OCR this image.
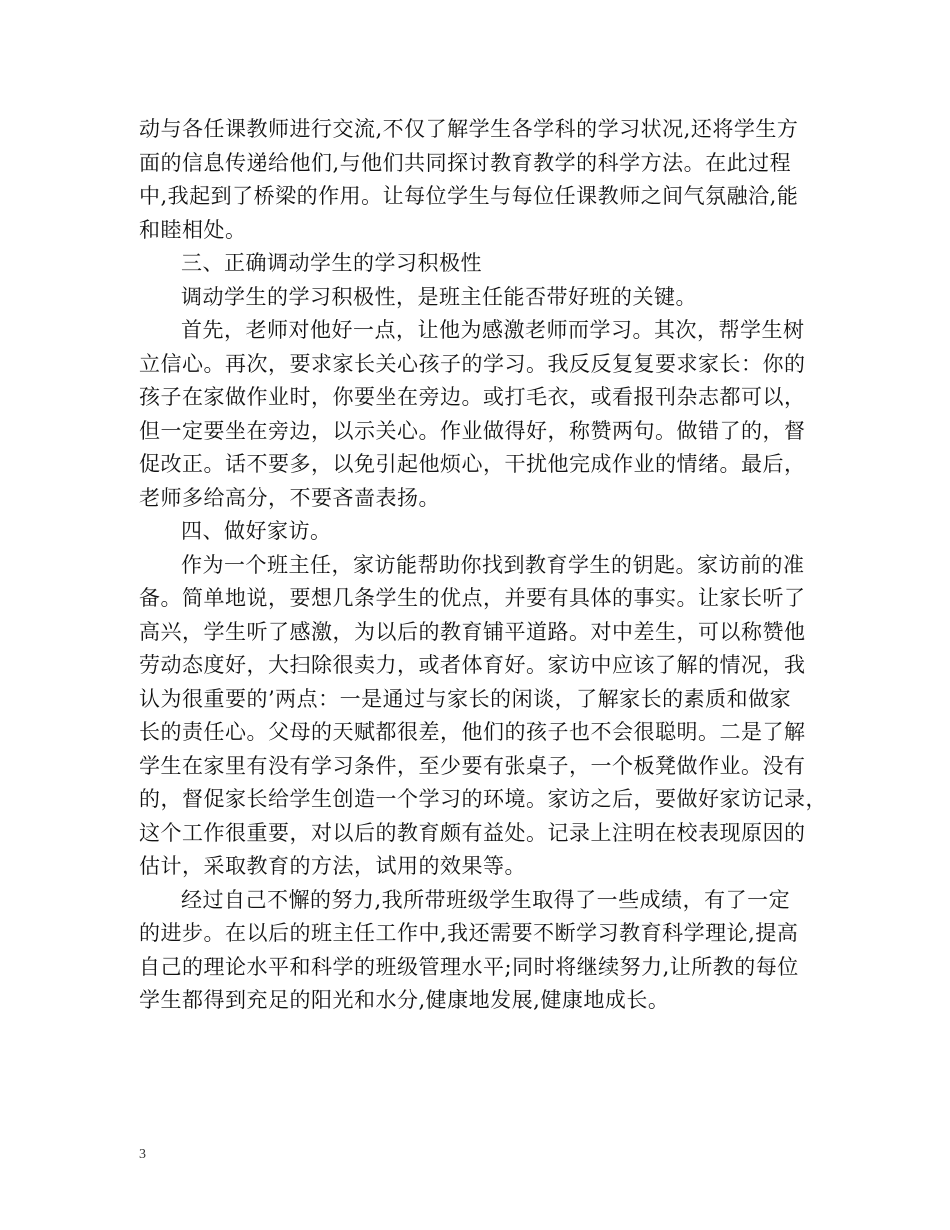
动与各任课教师进行交流,不仅了解学生各学科的学习状况,还将学生方
面的信息传递给他们,与他们共同探讨教育教学的科学方法。在此过程
中,我起到了桥梁的作用。让每位学生与每位任课教师之间气氛融洽,能
和睦相处。
三、正确调动学生的学习积极性
调动学生的学习积极性，是班主任能否带好班的关键。
首先，老师对他好一点，让他为感激老师而学习。其次，帮学生树
立信心。再次，要求家长关心孩子的学习。我反反复复要求家长：你的
孩子在家做作业时，你要坐在旁边。或打毛衣，或看报刊杂志都可以，
但一定要坐在旁边，以示关心。作业做得好，称赞两句。做错了的，督
促改正。话不要多，以免引起他烦心，干扰他完成作业的情绪。最后，
老师多给高分，不要吝啬表扬。
四、做好家访。
作为一个班主任，家访能帮助你找到教育学生的钥匙。家访前的准
备。简单地说，要想几条学生的优点，并要有具体的事实。让家长听了
高兴，学生听了感激，为以后的教育铺平道路。对中差生，可以称赞他
劳动态度好，大扫除很卖力，或者体育好。家访中应该了解的情况，我
认为很重要的’两点：一是通过与家长的闲谈，了解家长的素质和做家
长的责任心。父母的天赋都很差，他们的孩子也不会很聪明。二是了解
学生在家里有没有学习条件，至少要有张桌子，一个板凳做作业。没有
的，督促家长给学生创造一个学习的环境。家访之后，要做好家访记录，
这个工作很重要，对以后的教育颇有益处。记录上注明在校表现原因的
估计，采取教育的方法，试用的效果等。
经过自己不懈的努力,我所带班级学生取得了一些成绩，有了一定
的进步。在以后的班主任工作中,我还需要不断学习教育科学理论,提高
自己的理论水平和科学的班级管理水平;同时将继续努力,让所教的每位
学生都得到充足的阳光和水分,健康地发展,健康地成长。
3
